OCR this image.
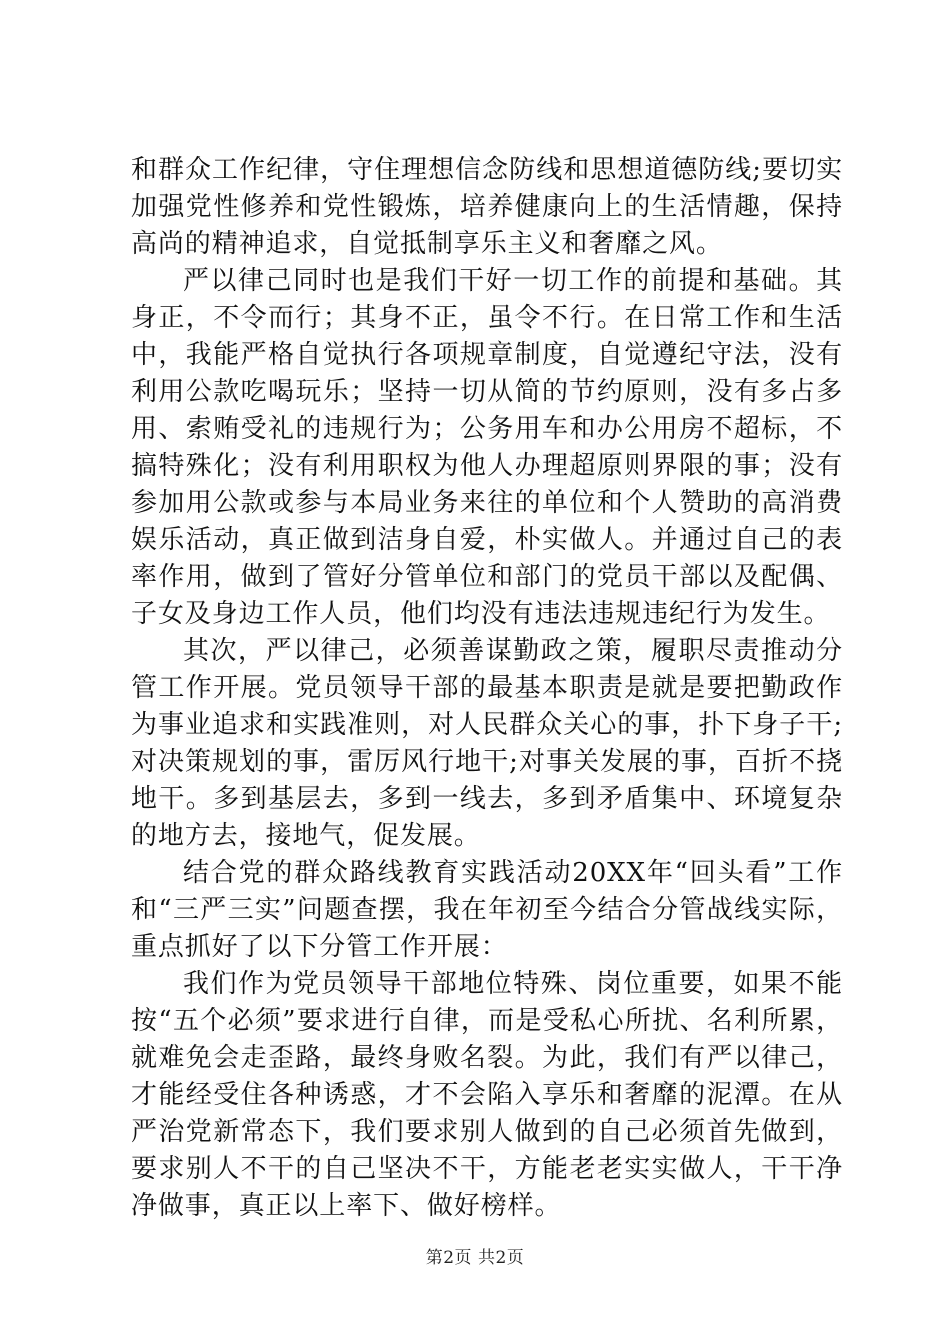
和群众工作纪律，守住理想信念防线和思想道德防线;要切实加强党性修养和党性锻炼，培养健康向上的生活情趣，保持高尚的精神追求，自觉抵制享乐主义和奢靡之风。

严以律己同时也是我们干好一切工作的前提和基础。其身正，不令而行；其身不正，虽令不行。在日常工作和生活中，我能严格自觉执行各项规章制度，自觉遵纪守法，没有利用公款吃喝玩乐；坚持一切从简的节约原则，没有多占多用、索贿受礼的违规行为；公务用车和办公用房不超标，不搞特殊化；没有利用职权为他人办理超原则界限的事；没有参加用公款或参与本局业务来往的单位和个人赞助的高消费娱乐活动，真正做到洁身自爱，朴实做人。并通过自己的表率作用，做到了管好分管单位和部门的党员干部以及配偶、子女及身边工作人员，他们均没有违法违规违纪行为发生。

其次，严以律己，必须善谋勤政之策，履职尽责推动分管工作开展。党员领导干部的最基本职责是就是要把勤政作为事业追求和实践准则，对人民群众关心的事，扑下身子干;对决策规划的事，雷厉风行地干;对事关发展的事，百折不挠地干。多到基层去，多到一线去，多到矛盾集中、环境复杂的地方去，接地气，促发展。

结合党的群众路线教育实践活动20XX年“回头看”工作和“三严三实”问题查摆，我在年初至今结合分管战线实际，重点抓好了以下分管工作开展：

我们作为党员领导干部地位特殊、岗位重要，如果不能按“五个必须”要求进行自律，而是受私心所扰、名利所累，就难免会走歪路，最终身败名裂。为此，我们有严以律己，才能经受住各种诱惑，才不会陷入享乐和奢靡的泥潭。在从严治党新常态下，我们要求别人做到的自己必须首先做到，要求别人不干的自己坚决不干，方能老老实实做人，干干净净做事，真正以上率下、做好榜样。

第2页 共2页
